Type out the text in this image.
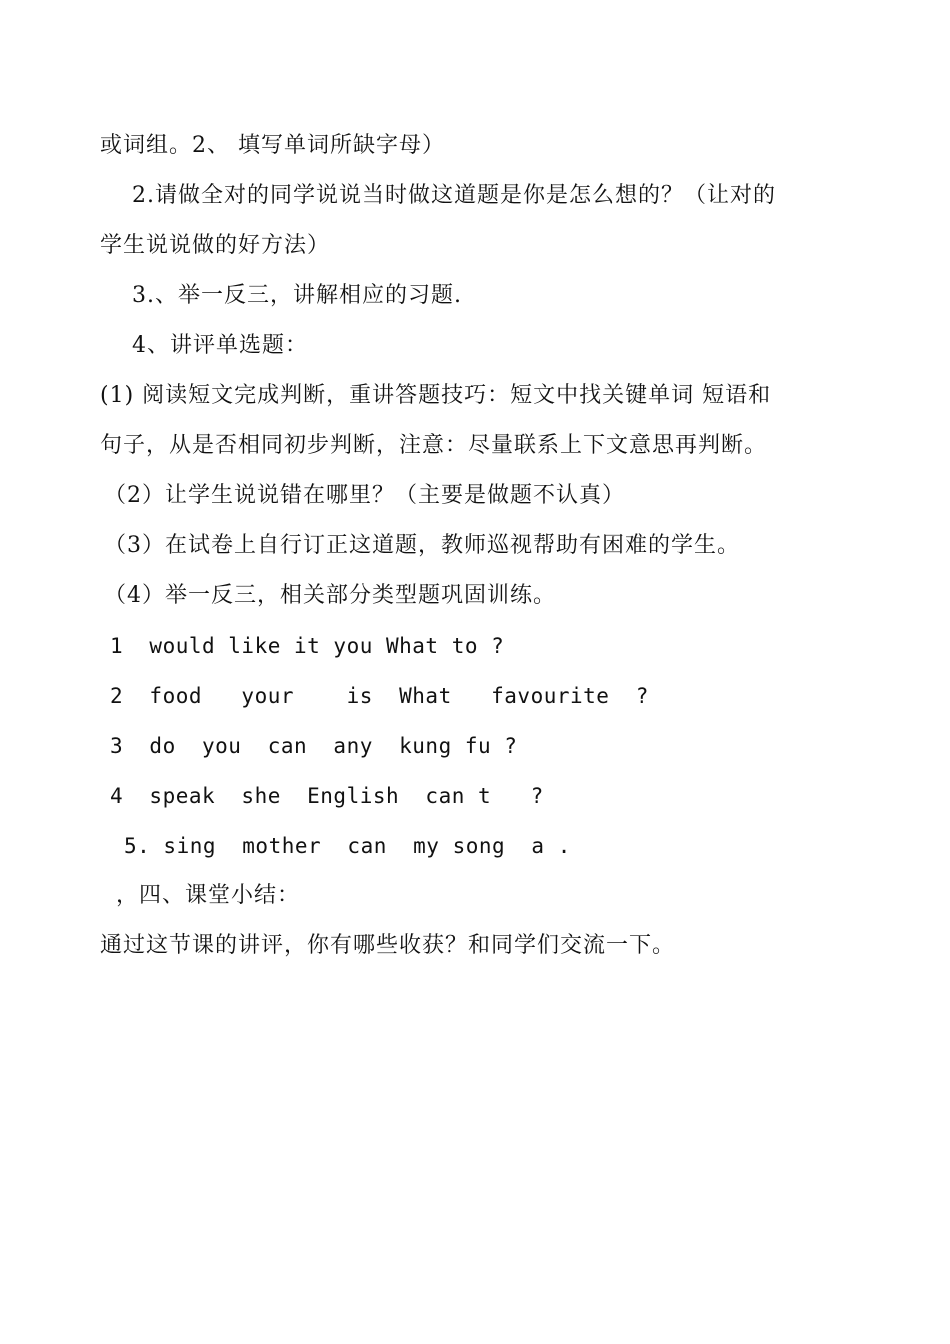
或词组。2、 填写单词所缺字母）
2.请做全对的同学说说当时做这道题是你是怎么想的？（让对的
学生说说做的好方法）
3.、举一反三，讲解相应的习题.
4、讲评单选题：
(1) 阅读短文完成判断，重讲答题技巧：短文中找关键单词 短语和
句子，从是否相同初步判断，注意：尽量联系上下文意思再判断。
（2）让学生说说错在哪里？（主要是做题不认真）
（3）在试卷上自行订正这道题，教师巡视帮助有困难的学生。
（4）举一反三，相关部分类型题巩固训练。
1  would like it you What to ?
2  food   your    is  What   favourite  ?
3  do  you  can  any  kung fu ?
4  speak  she  English  can t   ?
5. sing  mother  can  my song  a .
，四、课堂小结：
通过这节课的讲评，你有哪些收获？和同学们交流一下。
